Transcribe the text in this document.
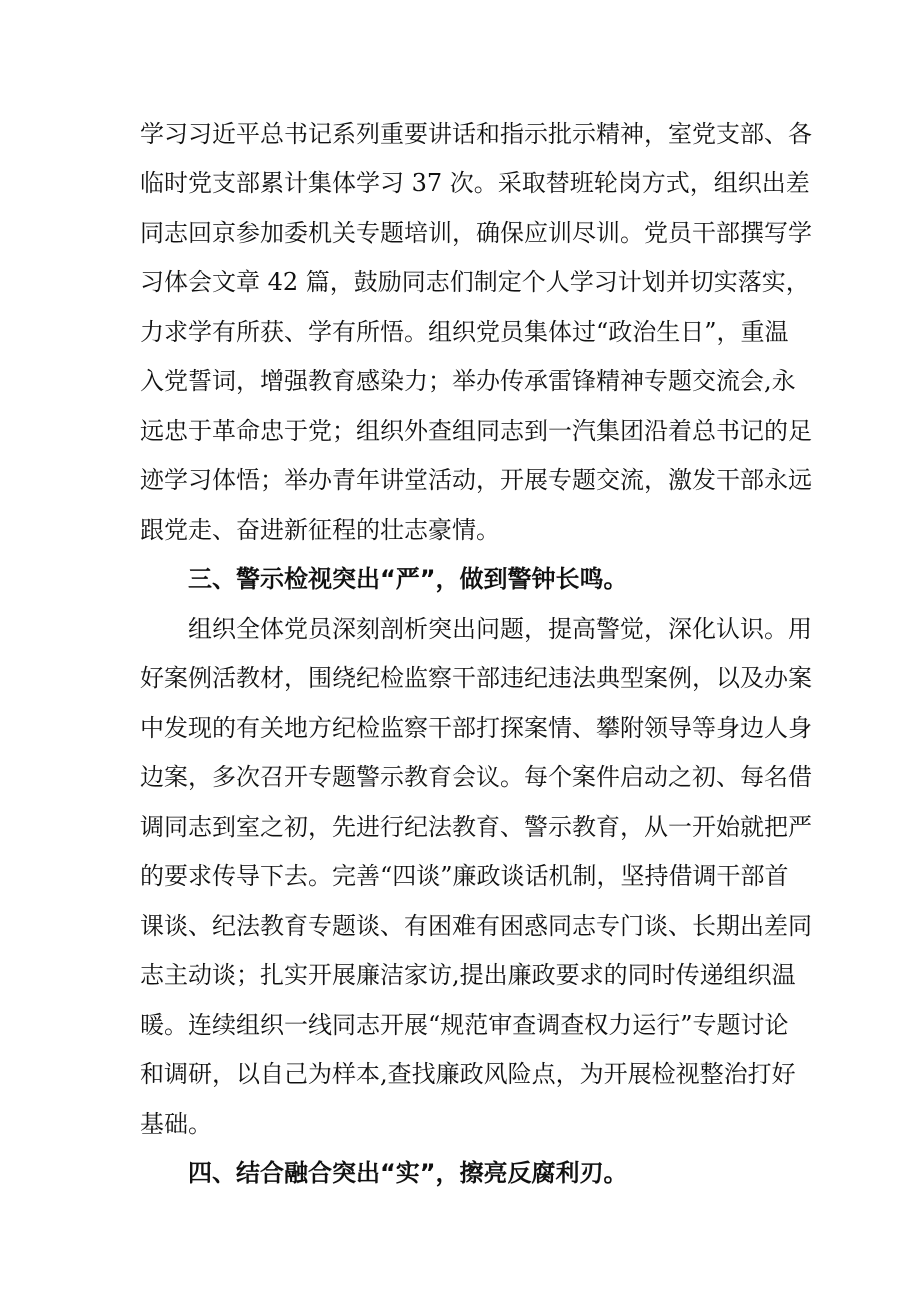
学习习近平总书记系列重要讲话和指示批示精神，室党支部、各
临时党支部累计集体学习 37 次。采取替班轮岗方式，组织出差
同志回京参加委机关专题培训，确保应训尽训。党员干部撰写学
习体会文章 42 篇，鼓励同志们制定个人学习计划并切实落实，
力求学有所获、学有所悟。组织党员集体过“政治生日”，重温
入党誓词，增强教育感染力；举办传承雷锋精神专题交流会,永
远忠于革命忠于党；组织外查组同志到一汽集团沿着总书记的足
迹学习体悟；举办青年讲堂活动，开展专题交流，激发干部永远
跟党走、奋进新征程的壮志豪情。
三、警示检视突出“严”，做到警钟长鸣。
组织全体党员深刻剖析突出问题，提高警觉，深化认识。用
好案例活教材，围绕纪检监察干部违纪违法典型案例，以及办案
中发现的有关地方纪检监察干部打探案情、攀附领导等身边人身
边案，多次召开专题警示教育会议。每个案件启动之初、每名借
调同志到室之初，先进行纪法教育、警示教育，从一开始就把严
的要求传导下去。完善“四谈”廉政谈话机制，坚持借调干部首
课谈、纪法教育专题谈、有困难有困惑同志专门谈、长期出差同
志主动谈；扎实开展廉洁家访,提出廉政要求的同时传递组织温
暖。连续组织一线同志开展“规范审查调查权力运行”专题讨论
和调研，以自己为样本,查找廉政风险点，为开展检视整治打好
基础。
四、结合融合突出“实”，擦亮反腐利刃。
